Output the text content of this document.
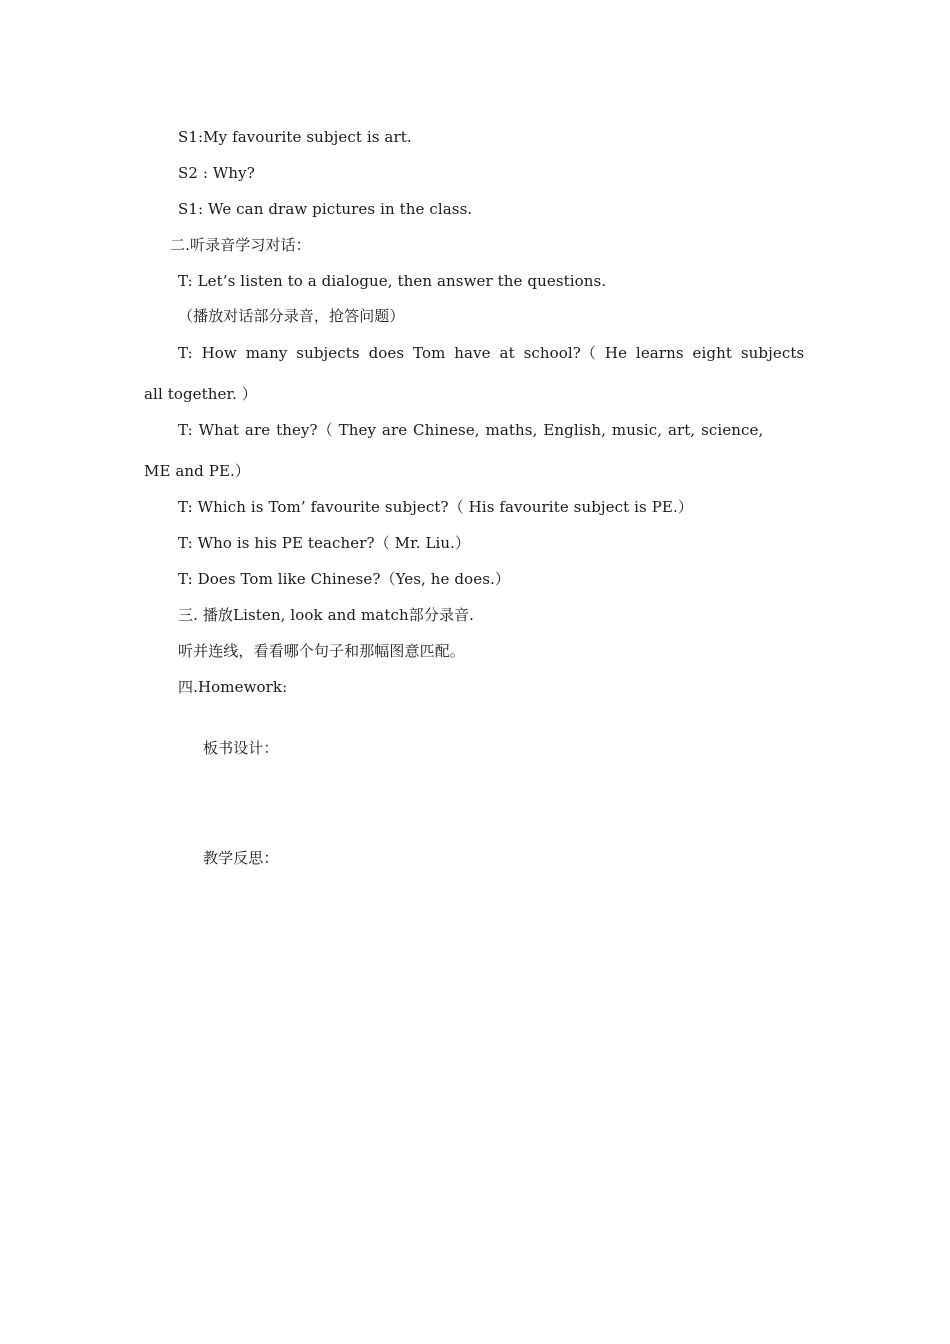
S1:My favourite subject is art.
S2 : Why?
S1: We can draw pictures in the class.
二.听录音学习对话：
T: Let’s listen to a dialogue, then answer the questions.
（播放对话部分录音，抢答问题）
T: How many subjects does Tom have at school?（ He learns eight subjects
all together. ）
T: What are they?（ They are Chinese, maths, English, music, art, science,
ME and PE.）
T: Which is Tom’ favourite subject?（ His favourite subject is PE.）
T: Who is his PE teacher?（ Mr. Liu.）
T: Does Tom like Chinese?（Yes, he does.）
三. 播放Listen, look and match部分录音.
听并连线，看看哪个句子和那幅图意匹配。
四.Homework:
板书设计：
教学反思：
